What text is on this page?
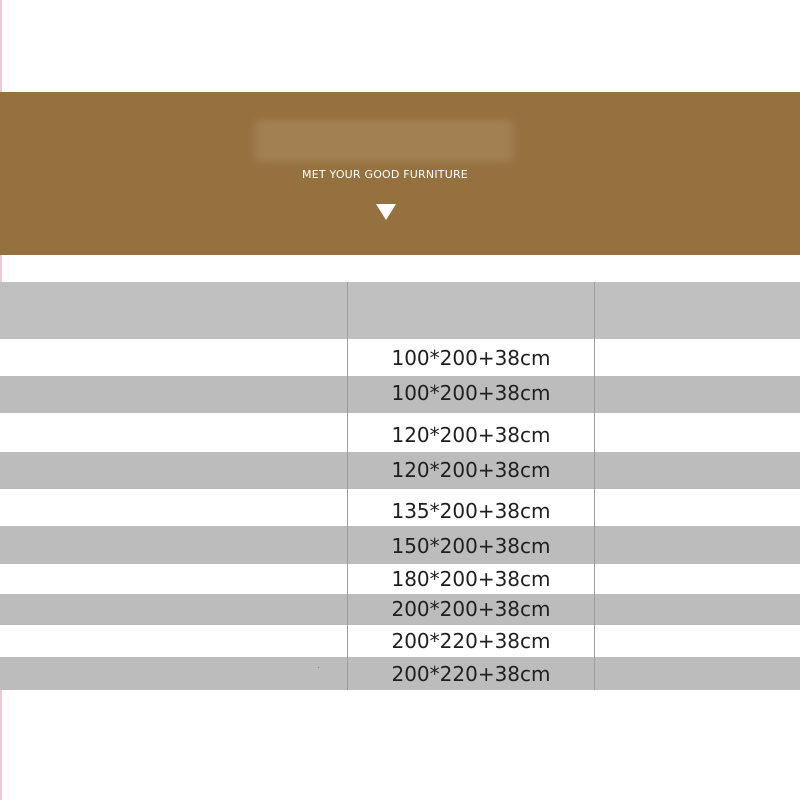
MET YOUR GOOD FURNITURE
100*200+38cm
100*200+38cm
120*200+38cm
120*200+38cm
135*200+38cm
150*200+38cm
180*200+38cm
200*200+38cm
200*220+38cm
200*220+38cm
